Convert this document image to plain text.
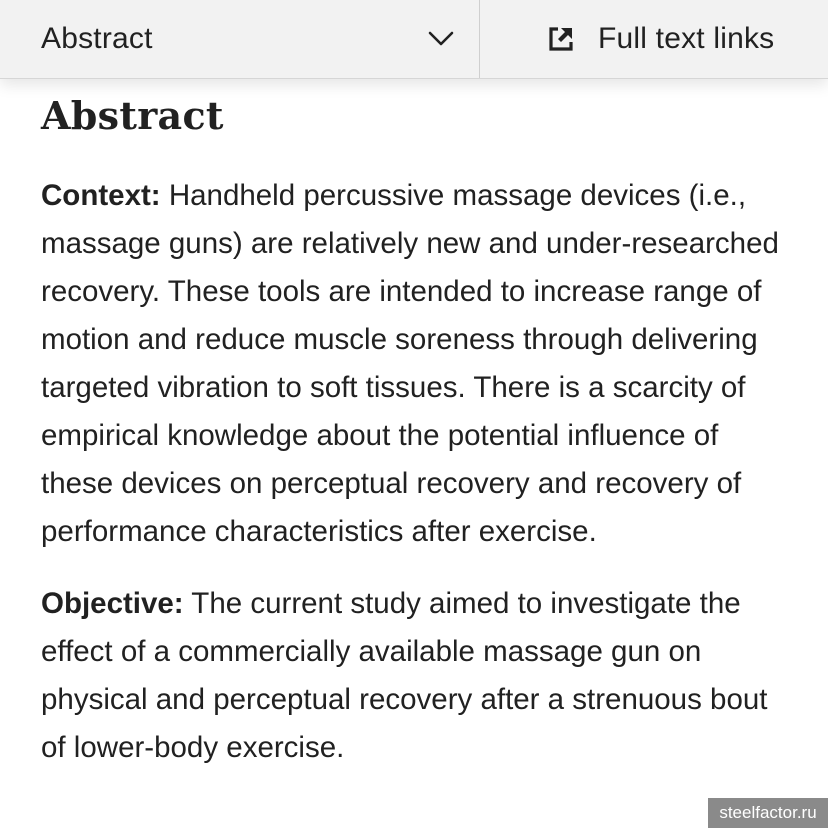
Abstract	Full text links
Abstract

Context: Handheld percussive massage devices (i.e., massage guns) are relatively new and under-researched recovery. These tools are intended to increase range of motion and reduce muscle soreness through delivering targeted vibration to soft tissues. There is a scarcity of empirical knowledge about the potential influence of these devices on perceptual recovery and recovery of performance characteristics after exercise.

Objective: The current study aimed to investigate the effect of a commercially available massage gun on physical and perceptual recovery after a strenuous bout of lower-body exercise.

steelfactor.ru
